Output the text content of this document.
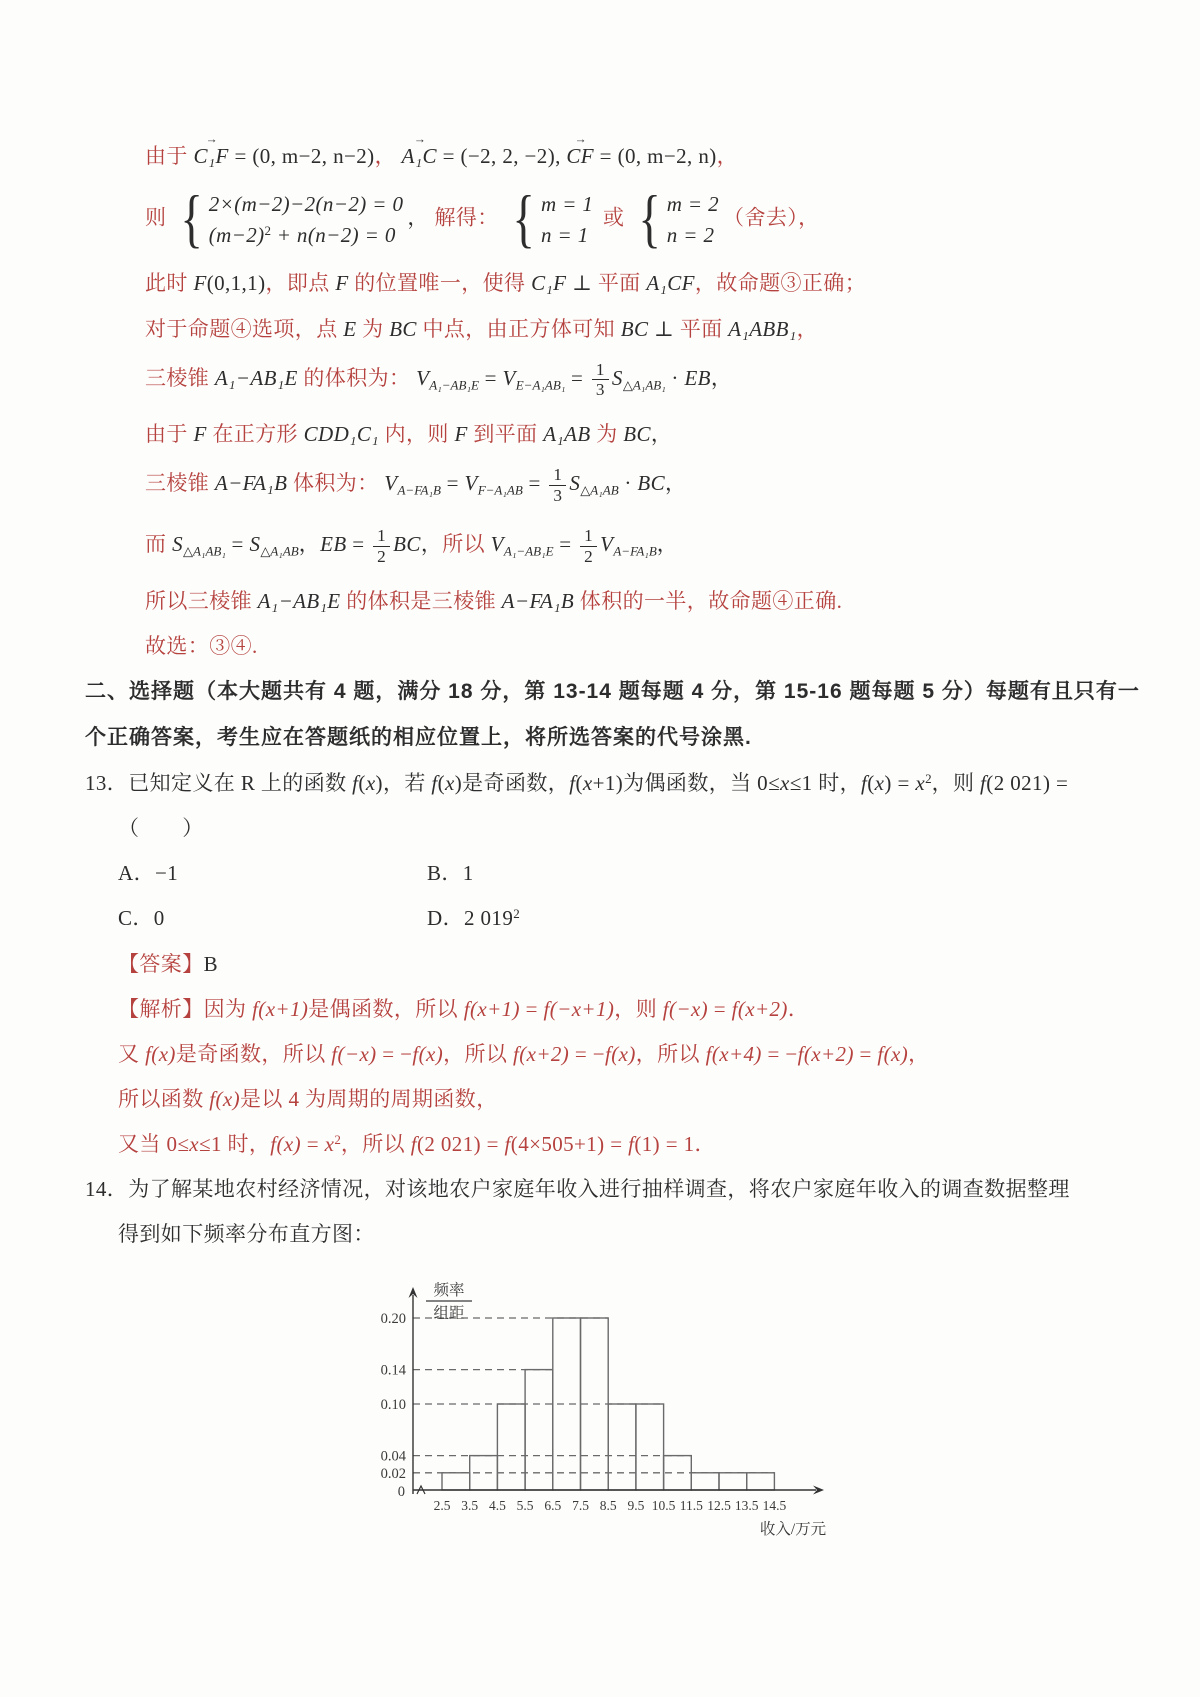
由于 C₁F → = (0, m−2, n−2)， A₁C → = (−2, 2, −2), CF → = (0, m−2, n)，
则 { 2×(m−2)−2(n−2) = 0
$(m-2)^2 + n(n-2) = 0$
， 解得： { m = 1
n = 1
或 { m = 2
n = 2
（舍去），
此时 F(0,1,1)，即点 F 的位置唯一，使得 C₁F ⊥ 平面 A₁CF，故命题③正确；
对于命题④选项，点 E 为 BC 中点，由正方体可知 BC ⊥ 平面 A₁ABB₁，
三棱锥 A₁−AB₁E 的体积为： $V_{A_1-AB_1E} = V_{E-A_1AB_1} = \frac{1}{3} S_{\triangle A_1AB_1}$ · EB，
由于 F 在正方形 CDD₁C₁ 内，则 F 到平面 A₁AB 为 BC，
三棱锥 A−FA₁B 体积为： $V_{A-FA_1B} = V_{F-A_1AB} = \frac{1}{3} S_{\triangle A_1AB}$ · BC，
而 $S_{\triangle A_1AB_1} = S_{\triangle A_1AB}$，EB = $\frac{1}{2}$ BC，所以 $V_{A_1-AB_1E} = \frac{1}{2} V_{A-FA_1B}$，
所以三棱锥 A₁−AB₁E 的体积是三棱锥 A−FA₁B 体积的一半，故命题④正确.
故选：③④.
二、选择题（本大题共有 4 题，满分 18 分，第 13-14 题每题 4 分，第 15-16 题每题 5 分）每题有且只有一
个正确答案，考生应在答题纸的相应位置上，将所选答案的代号涂黑.
13．已知定义在 R 上的函数 f(x)，若 f(x)是奇函数，f(x+1)为偶函数，当 0≤x≤1 时，$f(x) = x^2$，则 f(2 021) =
（　　）
A．−1	B．1
C．0	D．2 $019^2$
【答案】B
【解析】因为 f(x+1)是偶函数，所以 f(x+1) = f(−x+1)，则 f(−x) = f(x+2)．
又 f(x)是奇函数，所以 f(−x) = −f(x)，所以 f(x+2) = −f(x)，所以 f(x+4) = −f(x+2) = f(x)，
所以函数 f(x)是以 4 为周期的周期函数，
又当 0≤x≤1 时，$f(x) = x^2$，所以 f(2 021) = f(4×505+1) = f(1) = 1．
14．为了解某地农村经济情况，对该地农户家庭年收入进行抽样调查，将农户家庭年收入的调查数据整理
得到如下频率分布直方图：
0.20
0.14
0.10
0.04
0.02
0
2.5 3.5 4.5 5.5 6.5 7.5 8.5 9.5 10.5 11.5 12.5 13.5 14.5
频率
组距
收入/万元
